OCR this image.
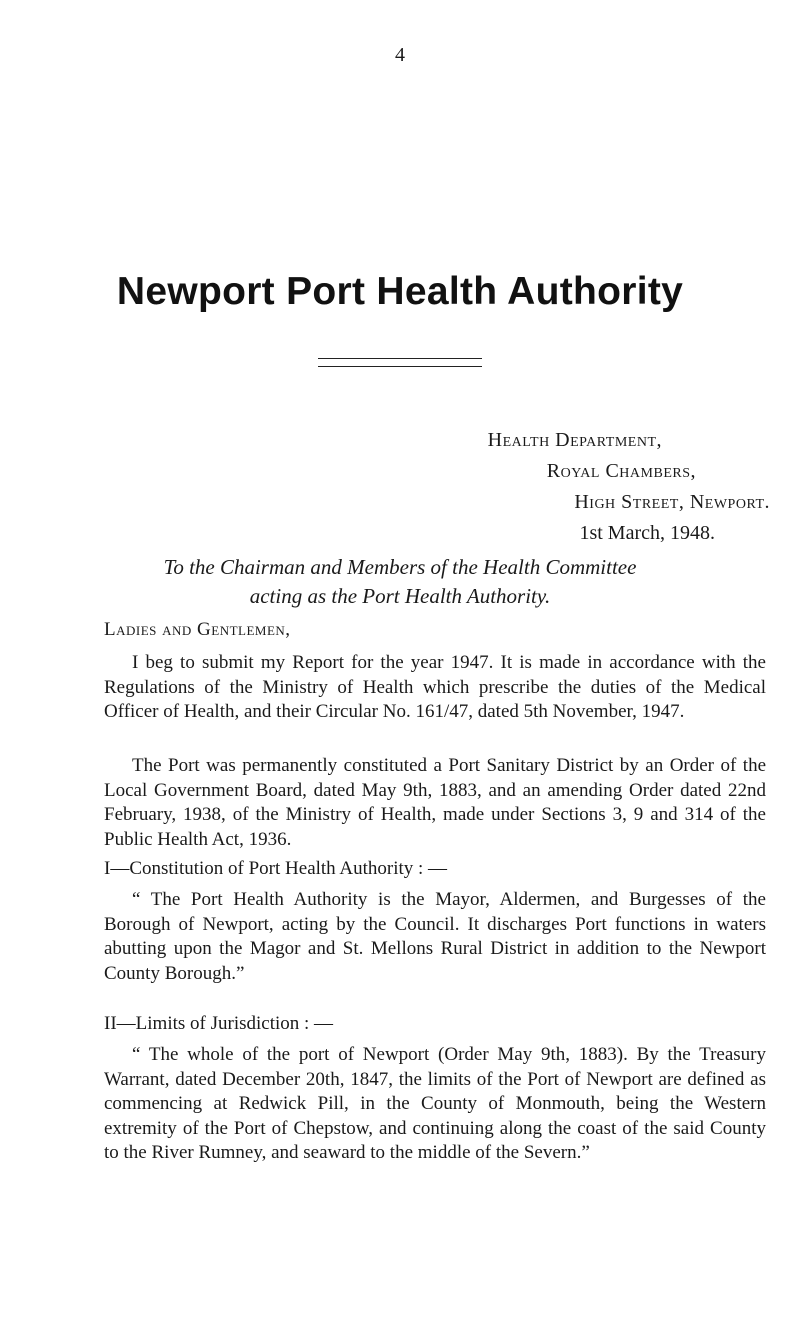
4
Newport Port Health Authority
Health Department,
Royal Chambers,
High Street, Newport.
1st March, 1948.
To the Chairman and Members of the Health Committee
acting as the Port Health Authority.
Ladies and Gentlemen,
I beg to submit my Report for the year 1947. It is made in accordance with the Regulations of the Ministry of Health which prescribe the duties of the Medical Officer of Health, and their Circular No. 161/47, dated 5th November, 1947.
The Port was permanently constituted a Port Sanitary District by an Order of the Local Government Board, dated May 9th, 1883, and an amending Order dated 22nd February, 1938, of the Ministry of Health, made under Sections 3, 9 and 314 of the Public Health Act, 1936.
I—Constitution of Port Health Authority : —
“ The Port Health Authority is the Mayor, Aldermen, and Burgesses of the Borough of Newport, acting by the Council. It discharges Port functions in waters abutting upon the Magor and St. Mellons Rural District in addition to the Newport County Borough.”
II—Limits of Jurisdiction : —
“ The whole of the port of Newport (Order May 9th, 1883). By the Treasury Warrant, dated December 20th, 1847, the limits of the Port of Newport are defined as commencing at Redwick Pill, in the County of Monmouth, being the Western extremity of the Port of Chepstow, and continuing along the coast of the said County to the River Rumney, and seaward to the middle of the Severn.”
